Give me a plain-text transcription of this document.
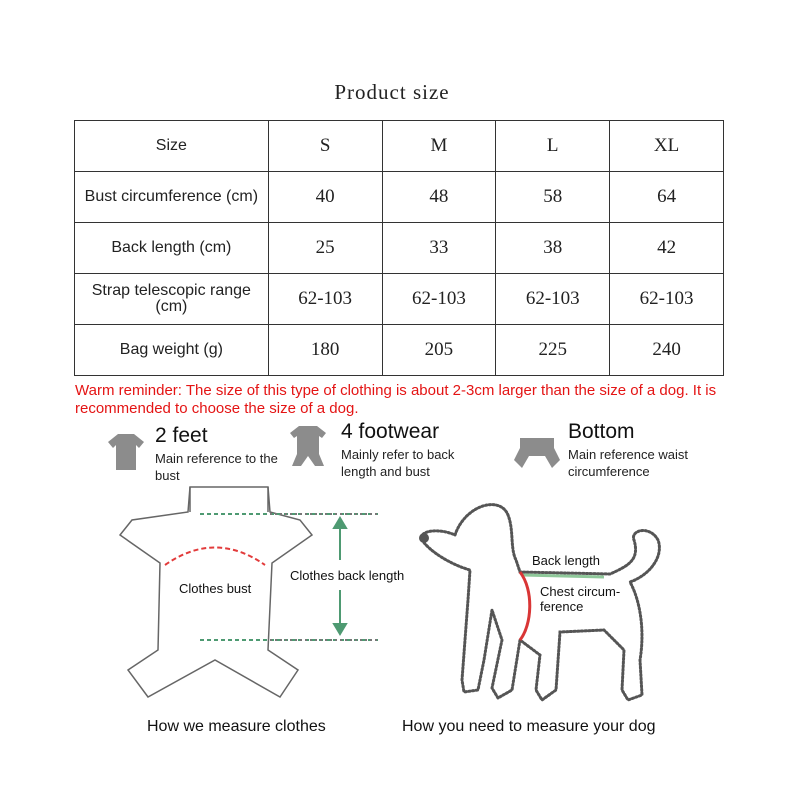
Product size
Size	S	M	L	XL
Bust circumference (cm)	40	48	58	64
Back length (cm)	25	33	38	42
Strap telescopic range (cm)	62-103	62-103	62-103	62-103
Bag weight (g)	180	205	225	240
Warm reminder: The size of this type of clothing is about 2-3cm larger than the size of a dog. It is recommended to choose the size of a dog.
2 feet
Main reference to the bust
4 footwear
Mainly refer to back length and bust
Bottom
Main reference waist circumference
Clothes bust
Clothes back length
How we measure clothes
Back length
Chest circum-
ference
How you need to measure your dog
